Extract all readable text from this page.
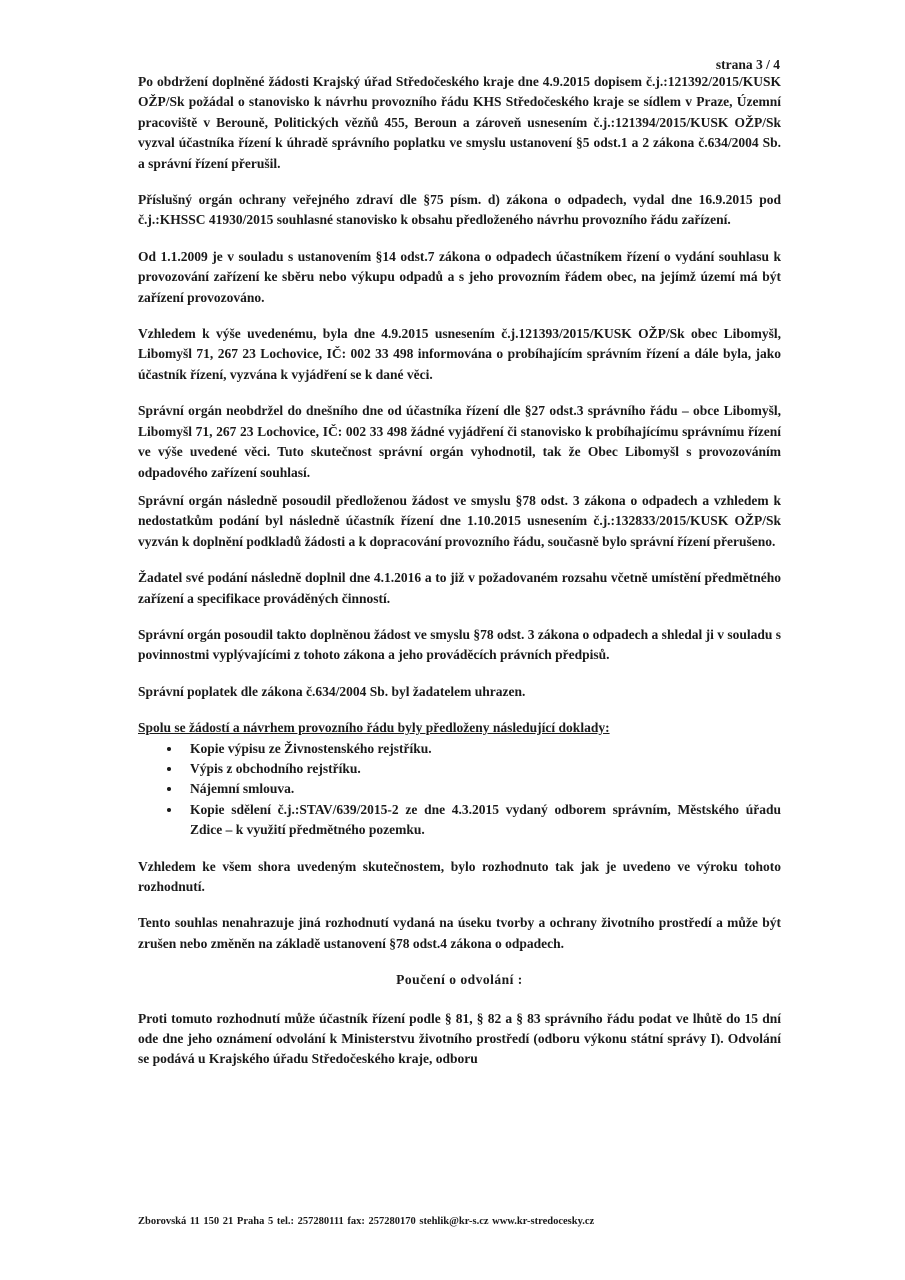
strana 3 / 4

Po obdržení doplněné žádosti Krajský úřad Středočeského kraje dne 4.9.2015 dopisem č.j.:121392/2015/KUSK OŽP/Sk požádal o stanovisko k návrhu provozního řádu KHS Středočeského kraje se sídlem v Praze, Územní pracoviště v Berouně, Politických vězňů 455, Beroun a zároveň usnesením č.j.:121394/2015/KUSK OŽP/Sk vyzval účastníka řízení k úhradě správního poplatku ve smyslu ustanovení §5 odst.1 a 2 zákona č.634/2004 Sb. a správní řízení přerušil.

Příslušný orgán ochrany veřejného zdraví dle §75 písm. d) zákona o odpadech, vydal dne 16.9.2015 pod č.j.:KHSSC 41930/2015 souhlasné stanovisko k obsahu předloženého návrhu provozního řádu zařízení.

Od 1.1.2009 je v souladu s ustanovením §14 odst.7 zákona o odpadech účastníkem řízení o vydání souhlasu k provozování zařízení ke sběru nebo výkupu odpadů a s jeho provozním řádem obec, na jejímž území má být zařízení provozováno.

Vzhledem k výše uvedenému, byla dne 4.9.2015 usnesením č.j.121393/2015/KUSK OŽP/Sk obec Libomyšl, Libomyšl 71, 267 23 Lochovice, IČ: 002 33 498 informována o probíhajícím správním řízení a dále byla, jako účastník řízení, vyzvána k vyjádření se k dané věci.

Správní orgán neobdržel do dnešního dne od účastníka řízení dle §27 odst.3 správního řádu – obce Libomyšl, Libomyšl 71, 267 23 Lochovice, IČ: 002 33 498 žádné vyjádření či stanovisko k probíhajícímu správnímu řízení ve výše uvedené věci. Tuto skutečnost správní orgán vyhodnotil, tak že Obec Libomyšl s provozováním odpadového zařízení souhlasí.

Správní orgán následně posoudil předloženou žádost ve smyslu §78 odst. 3 zákona o odpadech a vzhledem k nedostatkům podání byl následně účastník řízení dne 1.10.2015 usnesením č.j.:132833/2015/KUSK OŽP/Sk vyzván k doplnění podkladů žádosti a k dopracování provozního řádu, současně bylo správní řízení přerušeno.

Žadatel své podání následně doplnil dne 4.1.2016 a to již v požadovaném rozsahu včetně umístění předmětného zařízení a specifikace prováděných činností.

Správní orgán posoudil takto doplněnou žádost ve smyslu §78 odst. 3 zákona o odpadech a shledal ji v souladu s povinnostmi vyplývajícími z tohoto zákona a jeho prováděcích právních předpisů.

Správní poplatek dle zákona č.634/2004 Sb. byl žadatelem uhrazen.

Spolu se žádostí a návrhem provozního řádu byly předloženy následující doklady:

• Kopie výpisu ze Živnostenského rejstříku.
• Výpis z obchodního rejstříku.
• Nájemní smlouva.
• Kopie sdělení č.j.:STAV/639/2015-2 ze dne 4.3.2015 vydaný odborem správním, Městského úřadu Zdice – k využití předmětného pozemku.

Vzhledem ke všem shora uvedeným skutečnostem, bylo rozhodnuto tak jak je uvedeno ve výroku tohoto rozhodnutí.

Tento souhlas nenahrazuje jiná rozhodnutí vydaná na úseku tvorby a ochrany životního prostředí a může být zrušen nebo změněn na základě ustanovení §78 odst.4 zákona o odpadech.

Poučení o odvolání :

Proti tomuto rozhodnutí může účastník řízení podle § 81, § 82 a § 83 správního řádu podat ve lhůtě do 15 dní ode dne jeho oznámení odvolání k Ministerstvu životního prostředí (odboru výkonu státní správy I). Odvolání se podává u Krajského úřadu Středočeského kraje, odboru

Zborovská 11 150 21 Praha 5 tel.: 257280111 fax: 257280170 stehlik@kr-s.cz www.kr-stredocesky.cz
